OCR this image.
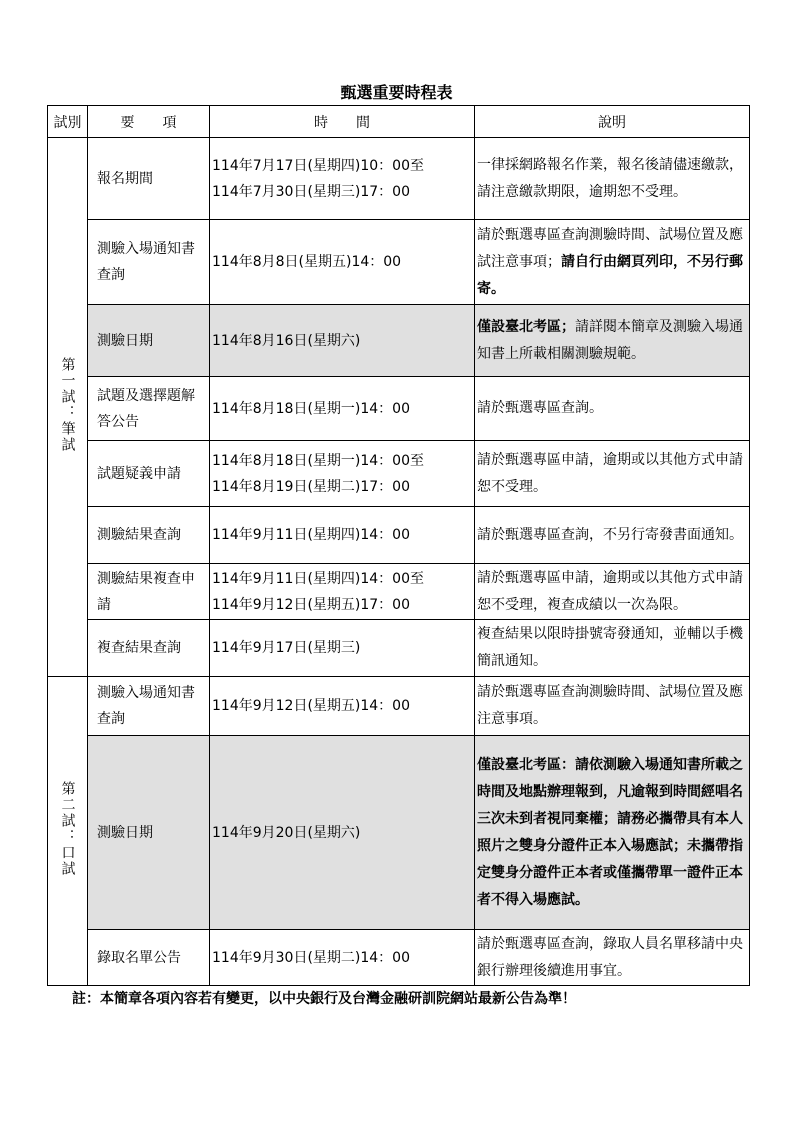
甄選重要時程表
試別	要　　項	時　　間	說明
第一試：筆試	報名期間	114年7月17日(星期四)10：00至
114年7月30日(星期三)17：00	一律採網路報名作業，報名後請儘速繳款，請注意繳款期限，逾期恕不受理。
	測驗入場通知書查詢	114年8月8日(星期五)14：00	請於甄選專區查詢測驗時間、試場位置及應試注意事項；請自行由網頁列印，不另行郵寄。
	測驗日期	114年8月16日(星期六)	僅設臺北考區；請詳閱本簡章及測驗入場通知書上所載相關測驗規範。
	試題及選擇題解答公告	114年8月18日(星期一)14：00	請於甄選專區查詢。
	試題疑義申請	114年8月18日(星期一)14：00至
114年8月19日(星期二)17：00	請於甄選專區申請，逾期或以其他方式申請恕不受理。
	測驗結果查詢	114年9月11日(星期四)14：00	請於甄選專區查詢，不另行寄發書面通知。
	測驗結果複查申請	114年9月11日(星期四)14：00至
114年9月12日(星期五)17：00	請於甄選專區申請，逾期或以其他方式申請恕不受理，複查成績以一次為限。
	複查結果查詢	114年9月17日(星期三)	複查結果以限時掛號寄發通知，並輔以手機簡訊通知。
第二試：口試	測驗入場通知書查詢	114年9月12日(星期五)14：00	請於甄選專區查詢測驗時間、試場位置及應注意事項。
	測驗日期	114年9月20日(星期六)	僅設臺北考區：請依測驗入場通知書所載之時間及地點辦理報到，凡逾報到時間經唱名三次未到者視同棄權；請務必攜帶具有本人照片之雙身分證件正本入場應試；未攜帶指定雙身分證件正本者或僅攜帶單一證件正本者不得入場應試。
	錄取名單公告	114年9月30日(星期二)14：00	請於甄選專區查詢，錄取人員名單移請中央銀行辦理後續進用事宜。
註：本簡章各項內容若有變更，以中央銀行及台灣金融研訓院網站最新公告為準！
